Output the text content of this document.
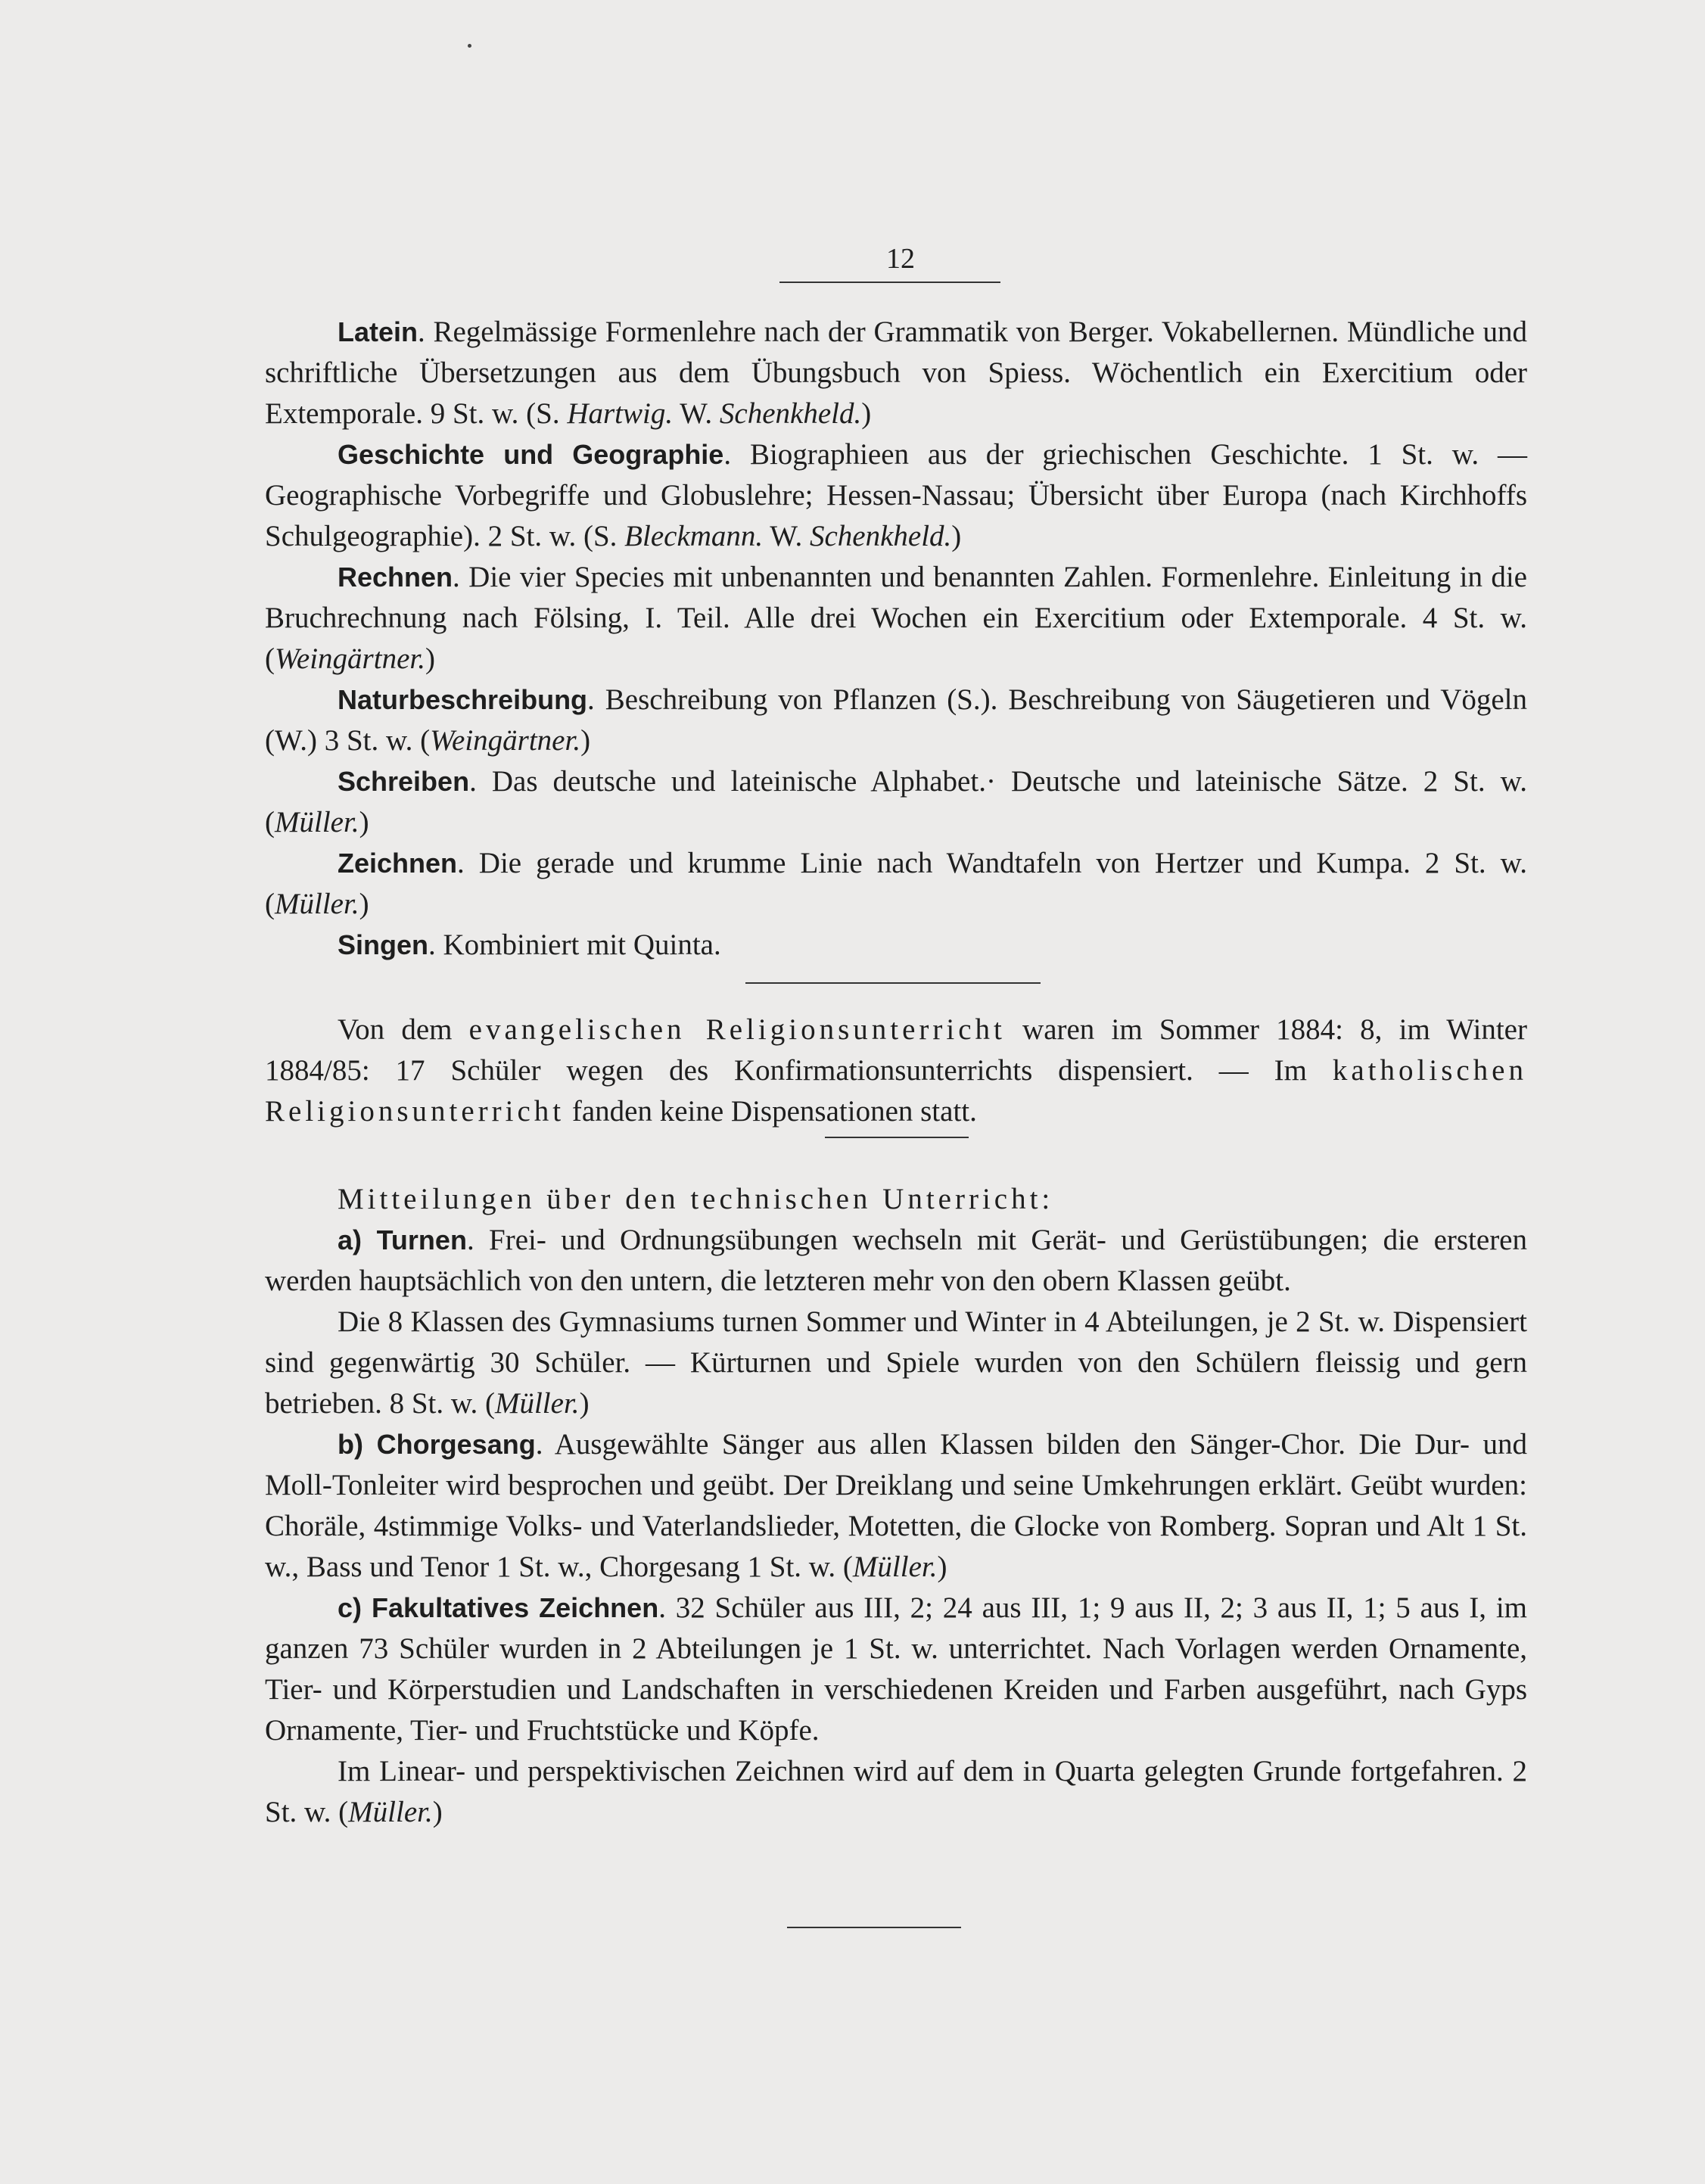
12

Latein. Regelmässige Formenlehre nach der Grammatik von Berger. Vokabellernen. Mündliche und schriftliche Übersetzungen aus dem Übungsbuch von Spiess. Wöchentlich ein Exercitium oder Extemporale. 9 St. w. (S. Hartwig. W. Schenkheld.)

Geschichte und Geographie. Biographieen aus der griechischen Geschichte. 1 St. w. — Geographische Vorbegriffe und Globuslehre; Hessen-Nassau; Übersicht über Europa (nach Kirchhoffs Schulgeographie). 2 St. w. (S. Bleckmann. W. Schenkheld.)

Rechnen. Die vier Species mit unbenannten und benannten Zahlen. Formenlehre. Einleitung in die Bruchrechnung nach Fölsing, I. Teil. Alle drei Wochen ein Exercitium oder Extemporale. 4 St. w. (Weingärtner.)

Naturbeschreibung. Beschreibung von Pflanzen (S.). Beschreibung von Säugetieren und Vögeln (W.) 3 St. w. (Weingärtner.)

Schreiben. Das deutsche und lateinische Alphabet.· Deutsche und lateinische Sätze. 2 St. w. (Müller.)

Zeichnen. Die gerade und krumme Linie nach Wandtafeln von Hertzer und Kumpa. 2 St. w. (Müller.)

Singen. Kombiniert mit Quinta.

Von dem evangelischen Religionsunterricht waren im Sommer 1884: 8, im Winter 1884/85: 17 Schüler wegen des Konfirmationsunterrichts dispensiert. — Im katholischen Religionsunterricht fanden keine Dispensationen statt.

Mitteilungen über den technischen Unterricht:

a) Turnen. Frei- und Ordnungsübungen wechseln mit Gerät- und Gerüstübungen; die ersteren werden hauptsächlich von den untern, die letzteren mehr von den obern Klassen geübt.

Die 8 Klassen des Gymnasiums turnen Sommer und Winter in 4 Abteilungen, je 2 St. w. Dispensiert sind gegenwärtig 30 Schüler. — Kürturnen und Spiele wurden von den Schülern fleissig und gern betrieben. 8 St. w. (Müller.)

b) Chorgesang. Ausgewählte Sänger aus allen Klassen bilden den Sänger-Chor. Die Dur- und Moll-Tonleiter wird besprochen und geübt. Der Dreiklang und seine Umkehrungen erklärt. Geübt wurden: Choräle, 4stimmige Volks- und Vaterlandslieder, Motetten, die Glocke von Romberg. Sopran und Alt 1 St. w., Bass und Tenor 1 St. w., Chorgesang 1 St. w. (Müller.)

c) Fakultatives Zeichnen. 32 Schüler aus III, 2; 24 aus III, 1; 9 aus II, 2; 3 aus II, 1; 5 aus I, im ganzen 73 Schüler wurden in 2 Abteilungen je 1 St. w. unterrichtet. Nach Vorlagen werden Ornamente, Tier- und Körperstudien und Landschaften in verschiedenen Kreiden und Farben ausgeführt, nach Gyps Ornamente, Tier- und Fruchtstücke und Köpfe.

Im Linear- und perspektivischen Zeichnen wird auf dem in Quarta gelegten Grunde fortgefahren. 2 St. w. (Müller.)
